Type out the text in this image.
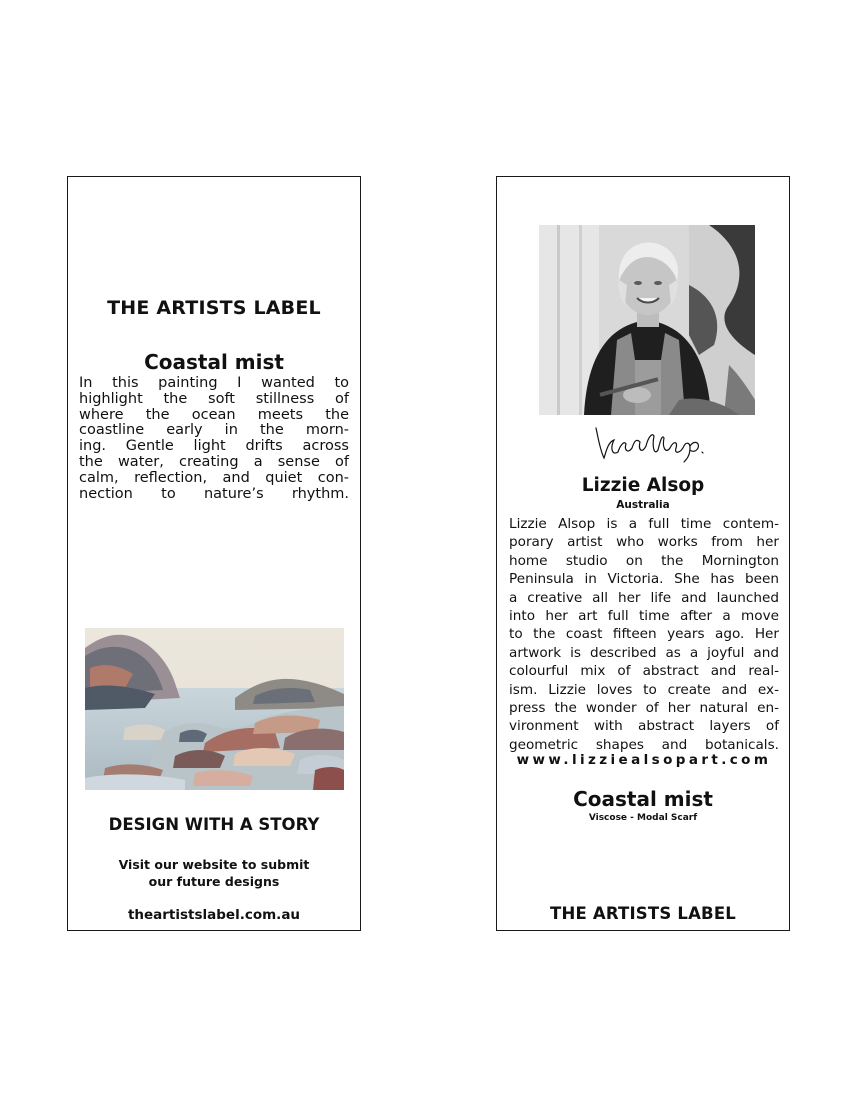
THE ARTISTS LABEL
Coastal mist
In this painting I wanted to
highlight the soft stillness of
where the ocean meets the
coastline early in the morn-
ing. Gentle light drifts across
the water, creating a sense of
calm, reflection, and quiet con-
nection to nature’s rhythm.
DESIGN WITH A STORY
Visit our website to submit
our future designs
theartistslabel.com.au
Lizzie Alsop
Australia
Lizzie Alsop is a full time contem-
porary artist who works from her
home studio on the Mornington
Peninsula in Victoria. She has been
a creative all her life and launched
into her art full time after a move
to the coast fifteen years ago. Her
artwork is described as a joyful and
colourful mix of abstract and real-
ism. Lizzie loves to create and ex-
press the wonder of her natural en-
vironment with abstract layers of
geometric shapes and botanicals.
www.lizziealsopart.com
Coastal mist
Viscose - Modal Scarf
THE ARTISTS LABEL
